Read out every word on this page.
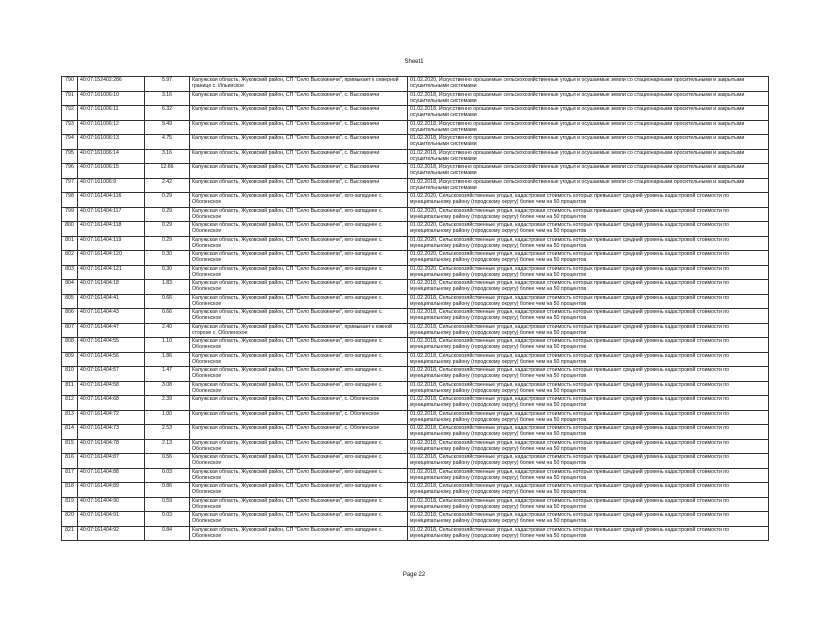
Sheet1
790	40:07:152402:286	5.97	Калужская область, Жуковский район, СП "Село Высокиничи", примыкает к северной границе с. Ильинское	01.02.2020, Искусственно орошаемые сельскохозяйственные угодья и осушаемые земли со стационарными оросительными и закрытыми осушительными системами
791	40:07:161006:10	3.16	Калужская область, Жуковский район, СП "Село Высокиничи", с. Высокиничи	01.02.2018, Искусственно орошаемые сельскохозяйственные угодья и осушаемые земли со стационарными оросительными и закрытыми осушительными системами
792	40:07:161006:11	6.32	Калужская область, Жуковский район, СП "Село Высокиничи", с. Высокиничи	01.02.2018, Искусственно орошаемые сельскохозяйственные угодья и осушаемые земли со стационарными оросительными и закрытыми осушительными системами
793	40:07:161006:12	9.49	Калужская область, Жуковский район, СП "Село Высокиничи", с. Высокиничи	01.02.2018, Искусственно орошаемые сельскохозяйственные угодья и осушаемые земли со стационарными оросительными и закрытыми осушительными системами
794	40:07:161006:13	4.75	Калужская область, Жуковский район, СП "Село Высокиничи", с. Высокиничи	01.02.2018, Искусственно орошаемые сельскохозяйственные угодья и осушаемые земли со стационарными оросительными и закрытыми осушительными системами
795	40:07:161006:14	3.16	Калужская область, Жуковский район, СП "Село Высокиничи", с. Высокиничи	01.02.2018, Искусственно орошаемые сельскохозяйственные угодья и осушаемые земли со стационарными оросительными и закрытыми осушительными системами
796	40:07:161006:15	12.66	Калужская область, Жуковский район, СП "Село Высокиничи", с. Высокиничи	01.02.2018, Искусственно орошаемые сельскохозяйственные угодья и осушаемые земли со стационарными оросительными и закрытыми осушительными системами
797	40:07:161006:9	2.42	Калужская область, Жуковский район, СП "Село Высокиничи", с. Высокиничи	01.02.2018, Искусственно орошаемые сельскохозяйственные угодья и осушаемые земли со стационарными оросительными и закрытыми осушительными системами
798	40:07:161404:116	0.29	Калужская область, Жуковский район, СП "Село Высокиничи", юго-западнее с. Оболенское	01.02.2020, Сельскохозяйственные угодья, кадастровая стоимость которых превышает средний уровень кадастровой стоимости по муниципальному району (городскому округу) более чем на 50 процентов
799	40:07:161404:117	0.29	Калужская область, Жуковский район, СП "Село Высокиничи", юго-западнее с. Оболенское	01.02.2020, Сельскохозяйственные угодья, кадастровая стоимость которых превышает средний уровень кадастровой стоимости по муниципальному району (городскому округу) более чем на 50 процентов
800	40:07:161404:118	0.29	Калужская область, Жуковский район, СП "Село Высокиничи", юго-западнее с. Оболенское	01.02.2020, Сельскохозяйственные угодья, кадастровая стоимость которых превышает средний уровень кадастровой стоимости по муниципальному району (городскому округу) более чем на 50 процентов
801	40:07:161404:119	0.29	Калужская область, Жуковский район, СП "Село Высокиничи", юго-западнее с. Оболенское	01.02.2020, Сельскохозяйственные угодья, кадастровая стоимость которых превышает средний уровень кадастровой стоимости по муниципальному району (городскому округу) более чем на 50 процентов
802	40:07:161404:120	0.30	Калужская область, Жуковский район, СП "Село Высокиничи", юго-западнее с. Оболенское	01.02.2020, Сельскохозяйственные угодья, кадастровая стоимость которых превышает средний уровень кадастровой стоимости по муниципальному району (городскому округу) более чем на 50 процентов
803	40:07:161404:121	0.30	Калужская область, Жуковский район, СП "Село Высокиничи", юго-западнее с. Оболенское	01.02.2020, Сельскохозяйственные угодья, кадастровая стоимость которых превышает средний уровень кадастровой стоимости по муниципальному району (городскому округу) более чем на 50 процентов
804	40:07:161404:18	1.83	Калужская область, Жуковский район, СП "Село Высокиничи", юго-западнее с. Оболенское	01.02.2018, Сельскохозяйственные угодья, кадастровая стоимость которых превышает средний уровень кадастровой стоимости по муниципальному району (городскому округу) более чем на 50 процентов
805	40:07:161404:41	0.66	Калужская область, Жуковский район, СП "Село Высокиничи", юго-западнее с. Оболенское	01.02.2018, Сельскохозяйственные угодья, кадастровая стоимость которых превышает средний уровень кадастровой стоимости по муниципальному району (городскому округу) более чем на 50 процентов
806	40:07:161404:43	0.66	Калужская область, Жуковский район, СП "Село Высокиничи", юго-западнее с. Оболенское	01.02.2018, Сельскохозяйственные угодья, кадастровая стоимость которых превышает средний уровень кадастровой стоимости по муниципальному району (городскому округу) более чем на 50 процентов
807	40:07:161404:47	2.40	Калужская область, Жуковский район, СП "Село Высокиничи", примыкает к южной стороне с. Оболенское	01.02.2018, Сельскохозяйственные угодья, кадастровая стоимость которых превышает средний уровень кадастровой стоимости по муниципальному району (городскому округу) более чем на 50 процентов
808	40:07:161404:55	1.10	Калужская область, Жуковский район, СП "Село Высокиничи", юго-западнее с. Оболенское	01.02.2018, Сельскохозяйственные угодья, кадастровая стоимость которых превышает средний уровень кадастровой стоимости по муниципальному району (городскому округу) более чем на 50 процентов
809	40:07:161404:56	1.86	Калужская область, Жуковский район, СП "Село Высокиничи", юго-западнее с. Оболенское	01.02.2018, Сельскохозяйственные угодья, кадастровая стоимость которых превышает средний уровень кадастровой стоимости по муниципальному району (городскому округу) более чем на 50 процентов
810	40:07:161404:57	1.47	Калужская область, Жуковский район, СП "Село Высокиничи", юго-западнее с. Оболенское	01.02.2018, Сельскохозяйственные угодья, кадастровая стоимость которых превышает средний уровень кадастровой стоимости по муниципальному району (городскому округу) более чем на 50 процентов
811	40:07:161404:58	3.08	Калужская область, Жуковский район, СП "Село Высокиничи", юго-западнее с. Оболенское	01.02.2018, Сельскохозяйственные угодья, кадастровая стоимость которых превышает средний уровень кадастровой стоимости по муниципальному району (городскому округу) более чем на 50 процентов
812	40:07:161404:68	2.39	Калужская область, Жуковский район, СП "Село Высокиничи", с. Оболенское	01.02.2018, Сельскохозяйственные угодья, кадастровая стоимость которых превышает средний уровень кадастровой стоимости по муниципальному району (городскому округу) более чем на 50 процентов
813	40:07:161404:72	1.00	Калужская область, Жуковский район, СП "Село Высокиничи", с. Оболенское	01.02.2018, Сельскохозяйственные угодья, кадастровая стоимость которых превышает средний уровень кадастровой стоимости по муниципальному району (городскому округу) более чем на 50 процентов
814	40:07:161404:73	2.53	Калужская область, Жуковский район, СП "Село Высокиничи", с. Оболенское	01.02.2018, Сельскохозяйственные угодья, кадастровая стоимость которых превышает средний уровень кадастровой стоимости по муниципальному району (городскому округу) более чем на 50 процентов
815	40:07:161404:78	2.13	Калужская область, Жуковский район, СП "Село Высокиничи", юго-западнее с. Оболенское	01.02.2018, Сельскохозяйственные угодья, кадастровая стоимость которых превышает средний уровень кадастровой стоимости по муниципальному району (городскому округу) более чем на 50 процентов
816	40:07:161404:87	0.56	Калужская область, Жуковский район, СП "Село Высокиничи", юго-западнее с. Оболенское	01.02.2018, Сельскохозяйственные угодья, кадастровая стоимость которых превышает средний уровень кадастровой стоимости по муниципальному району (городскому округу) более чем на 50 процентов
817	40:07:161404:88	0.03	Калужская область, Жуковский район, СП "Село Высокиничи", юго-западнее с. Оболенское	01.02.2018, Сельскохозяйственные угодья, кадастровая стоимость которых превышает средний уровень кадастровой стоимости по муниципальному району (городскому округу) более чем на 50 процентов
818	40:07:161404:89	0.86	Калужская область, Жуковский район, СП "Село Высокиничи", юго-западнее с. Оболенское	01.02.2018, Сельскохозяйственные угодья, кадастровая стоимость которых превышает средний уровень кадастровой стоимости по муниципальному району (городскому округу) более чем на 50 процентов
819	40:07:161404:90	0.59	Калужская область, Жуковский район, СП "Село Высокиничи", юго-западнее с. Оболенское	01.02.2018, Сельскохозяйственные угодья, кадастровая стоимость которых превышает средний уровень кадастровой стоимости по муниципальному району (городскому округу) более чем на 50 процентов
820	40:07:161404:91	0.03	Калужская область, Жуковский район, СП "Село Высокиничи", юго-западнее с. Оболенское	01.02.2018, Сельскохозяйственные угодья, кадастровая стоимость которых превышает средний уровень кадастровой стоимости по муниципальному району (городскому округу) более чем на 50 процентов
821	40:07:161404:92	0.84	Калужская область, Жуковский район, СП "Село Высокиничи", юго-западнее с. Оболенское	01.02.2018, Сельскохозяйственные угодья, кадастровая стоимость которых превышает средний уровень кадастровой стоимости по муниципальному району (городскому округу) более чем на 50 процентов
Page 22
